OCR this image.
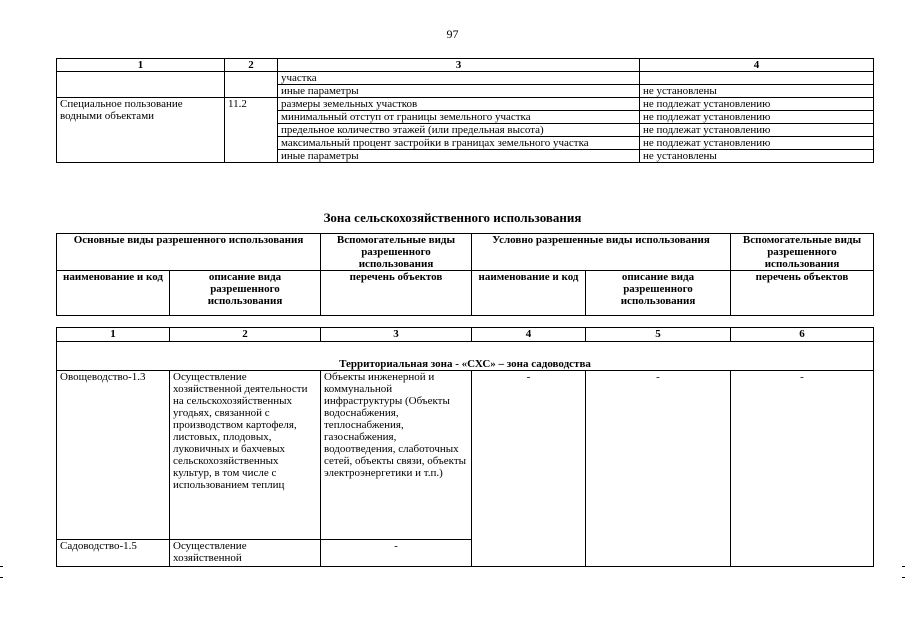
97
1	2	3	4
		участка	
		иные параметры	не установлены
Специальное пользование водными объектами	11.2	размеры земельных участков	не подлежат установлению
		минимальный отступ от границы земельного участка	не подлежат установлению
		предельное количество этажей (или предельная высота)	не подлежат установлению
		максимальный процент застройки в границах земельного участка	не подлежат установлению
		иные параметры	не установлены
Зона сельскохозяйственного использования
Основные виды разрешенного использования		Вспомогательные виды разрешенного использования	Условно разрешенные виды использования		Вспомогательные виды разрешенного использования
наименование и код	описание вида разрешенного использования	перечень объектов	наименование и код	описание вида разрешенного использования	перечень объектов
1	2	3	4	5	6
Территориальная зона - «СХС» – зона садоводства					
Овощеводство-1.3	Осуществление хозяйственной деятельности на сельскохозяйственных угодьях, связанной с производством картофеля, листовых, плодовых, луковичных и бахчевых сельскохозяйственных культур, в том числе с использованием теплиц	Объекты инженерной и коммунальной инфраструктуры (Объекты водоснабжения, теплоснабжения, газоснабжения, водоотведения, слаботочных сетей, объекты связи, объекты электроэнергетики и т.п.)	-	-	-
Садоводство-1.5	Осуществление хозяйственной	-			
